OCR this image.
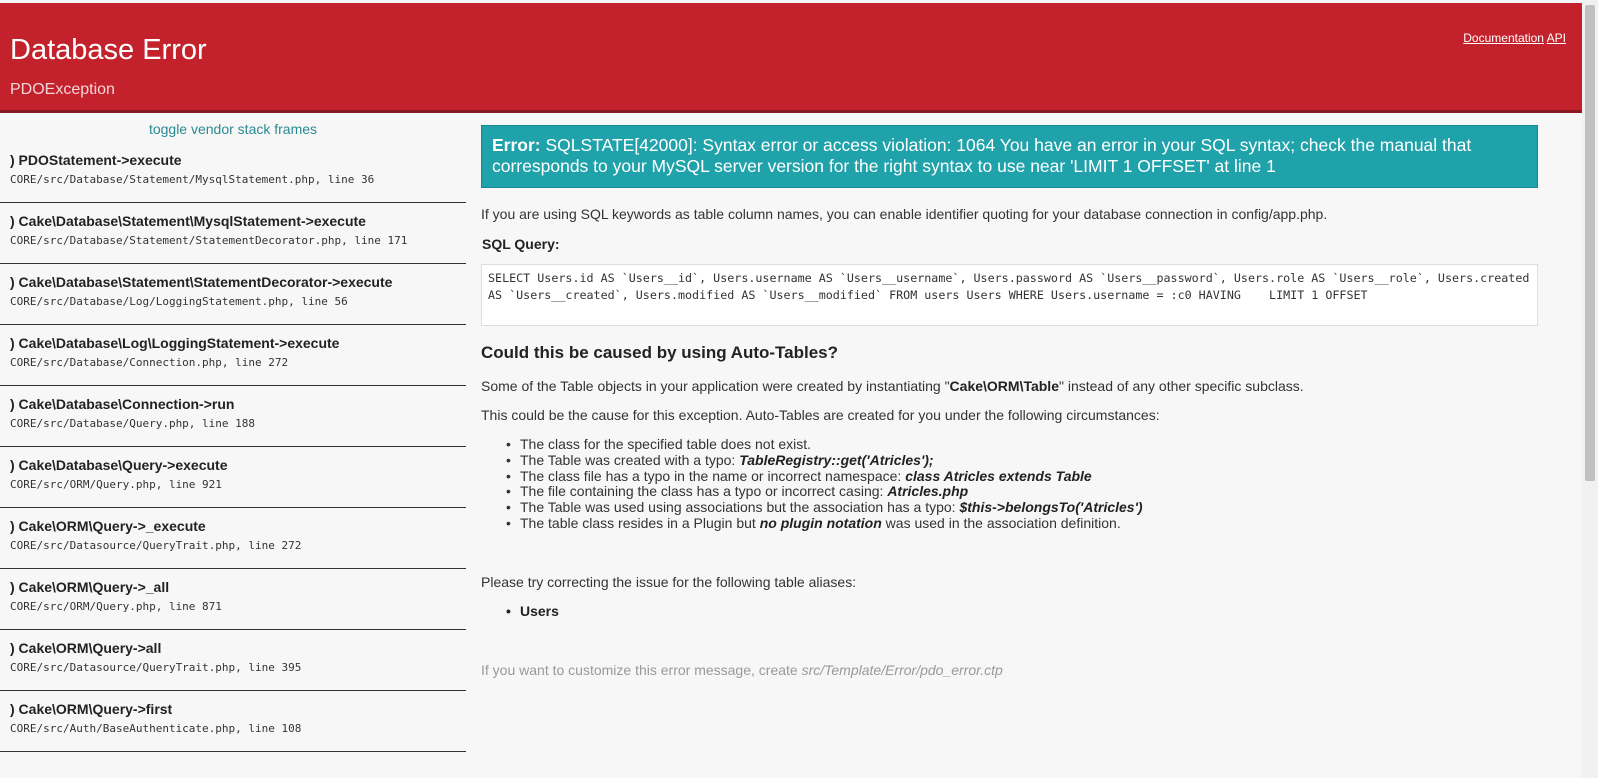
Database Error
PDOException
Documentation API
toggle vendor stack frames
) PDOStatement->execute
CORE/src/Database/Statement/MysqlStatement.php, line 36
) Cake\Database\Statement\MysqlStatement->execute
CORE/src/Database/Statement/StatementDecorator.php, line 171
) Cake\Database\Statement\StatementDecorator->execute
CORE/src/Database/Log/LoggingStatement.php, line 56
) Cake\Database\Log\LoggingStatement->execute
CORE/src/Database/Connection.php, line 272
) Cake\Database\Connection->run
CORE/src/Database/Query.php, line 188
) Cake\Database\Query->execute
CORE/src/ORM/Query.php, line 921
) Cake\ORM\Query->_execute
CORE/src/Datasource/QueryTrait.php, line 272
) Cake\ORM\Query->_all
CORE/src/ORM/Query.php, line 871
) Cake\ORM\Query->all
CORE/src/Datasource/QueryTrait.php, line 395
) Cake\ORM\Query->first
CORE/src/Auth/BaseAuthenticate.php, line 108
Error: SQLSTATE[42000]: Syntax error or access violation: 1064 You have an error in your SQL syntax; check the manual that corresponds to your MySQL server version for the right syntax to use near 'LIMIT 1 OFFSET' at line 1
If you are using SQL keywords as table column names, you can enable identifier quoting for your database connection in config/app.php.
SQL Query:
SELECT Users.id AS `Users__id`, Users.username AS `Users__username`, Users.password AS `Users__password`, Users.role AS `Users__role`, Users.created AS `Users__created`, Users.modified AS `Users__modified` FROM users Users WHERE Users.username = :c0 HAVING    LIMIT 1 OFFSET
Could this be caused by using Auto-Tables?
Some of the Table objects in your application were created by instantiating "Cake\ORM\Table" instead of any other specific subclass.
This could be the cause for this exception. Auto-Tables are created for you under the following circumstances:
• The class for the specified table does not exist.
• The Table was created with a typo: TableRegistry::get('Atricles');
• The class file has a typo in the name or incorrect namespace: class Atricles extends Table
• The file containing the class has a typo or incorrect casing: Atricles.php
• The Table was used using associations but the association has a typo: $this->belongsTo('Atricles')
• The table class resides in a Plugin but no plugin notation was used in the association definition.
Please try correcting the issue for the following table aliases:
• Users
If you want to customize this error message, create src/Template/Error/pdo_error.ctp
